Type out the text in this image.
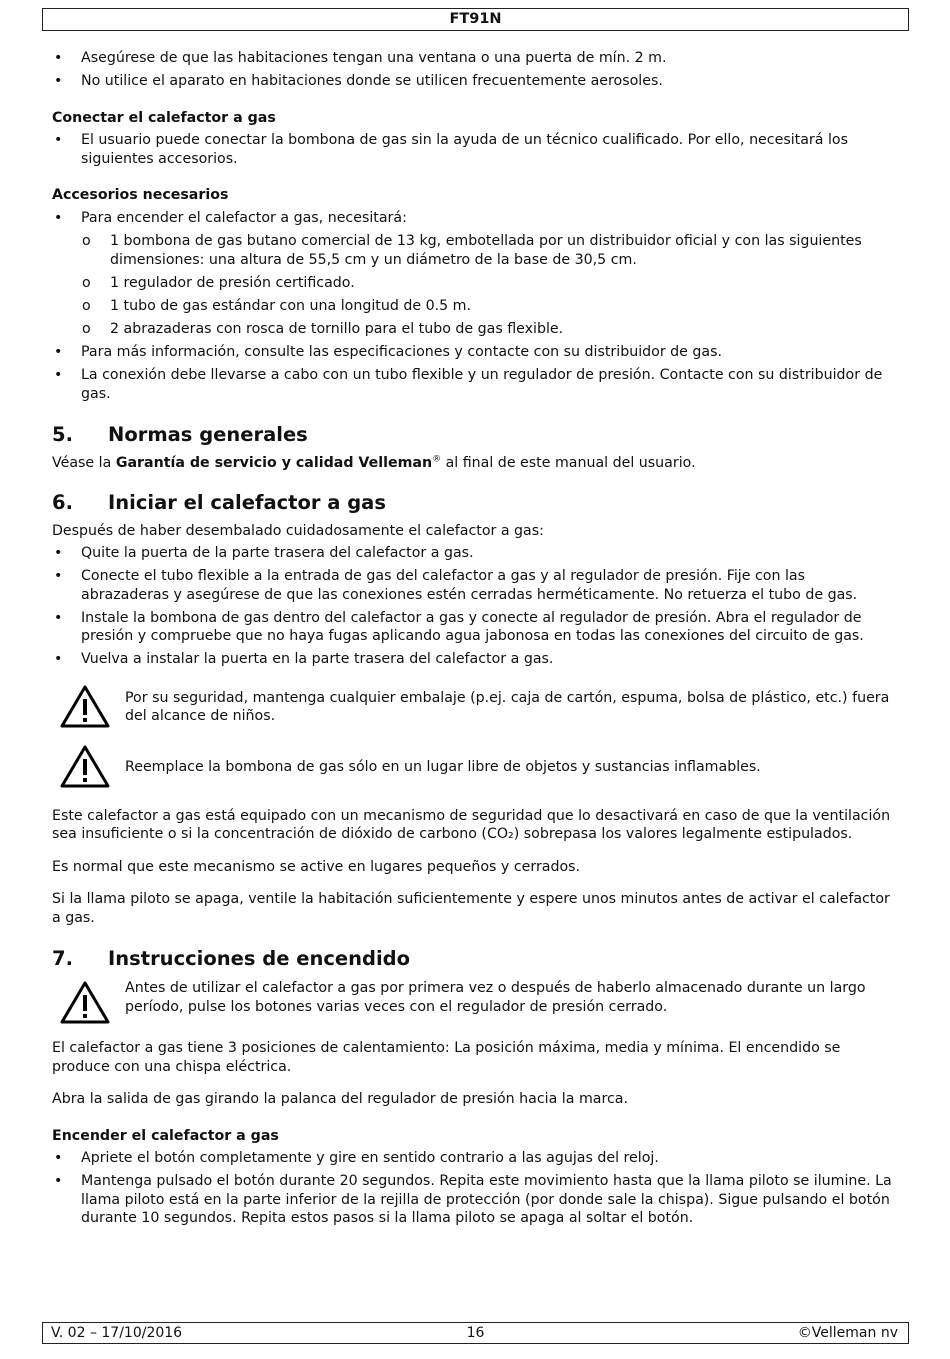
FT91N
• Asegúrese de que las habitaciones tengan una ventana o una puerta de mín. 2 m.
• No utilice el aparato en habitaciones donde se utilicen frecuentemente aerosoles.
Conectar el calefactor a gas
• El usuario puede conectar la bombona de gas sin la ayuda de un técnico cualificado. Por ello, necesitará los siguientes accesorios.
Accesorios necesarios
• Para encender el calefactor a gas, necesitará:
o 1 bombona de gas butano comercial de 13 kg, embotellada por un distribuidor oficial y con las siguientes dimensiones: una altura de 55,5 cm y un diámetro de la base de 30,5 cm.
o 1 regulador de presión certificado.
o 1 tubo de gas estándar con una longitud de 0.5 m.
o 2 abrazaderas con rosca de tornillo para el tubo de gas flexible.
• Para más información, consulte las especificaciones y contacte con su distribuidor de gas.
• La conexión debe llevarse a cabo con un tubo flexible y un regulador de presión. Contacte con su distribuidor de gas.
5. Normas generales

Véase la Garantía de servicio y calidad Velleman® al final de este manual del usuario.

6. Iniciar el calefactor a gas

Después de haber desembalado cuidadosamente el calefactor a gas:

• Quite la puerta de la parte trasera del calefactor a gas.
• Conecte el tubo flexible a la entrada de gas del calefactor a gas y al regulador de presión. Fije con las abrazaderas y asegúrese de que las conexiones estén cerradas herméticamente. No retuerza el tubo de gas.
• Instale la bombona de gas dentro del calefactor a gas y conecte al regulador de presión. Abra el regulador de presión y compruebe que no haya fugas aplicando agua jabonosa en todas las conexiones del circuito de gas.
• Vuelva a instalar la puerta en la parte trasera del calefactor a gas.
Por su seguridad, mantenga cualquier embalaje (p.ej. caja de cartón, espuma, bolsa de plástico, etc.) fuera del alcance de niños.
Reemplace la bombona de gas sólo en un lugar libre de objetos y sustancias inflamables.

Este calefactor a gas está equipado con un mecanismo de seguridad que lo desactivará en caso de que la ventilación sea insuficiente o si la concentración de dióxido de carbono (CO₂) sobrepasa los valores legalmente estipulados.

Es normal que este mecanismo se active en lugares pequeños y cerrados.

Si la llama piloto se apaga, ventile la habitación suficientemente y espere unos minutos antes de activar el calefactor a gas.

7. Instrucciones de encendido
Antes de utilizar el calefactor a gas por primera vez o después de haberlo almacenado durante un largo período, pulse los botones varias veces con el regulador de presión cerrado.

El calefactor a gas tiene 3 posiciones de calentamiento: La posición máxima, media y mínima. El encendido se produce con una chispa eléctrica.

Abra la salida de gas girando la palanca del regulador de presión hacia la marca.

Encender el calefactor a gas
• Apriete el botón completamente y gire en sentido contrario a las agujas del reloj.
• Mantenga pulsado el botón durante 20 segundos. Repita este movimiento hasta que la llama piloto se ilumine. La llama piloto está en la parte inferior de la rejilla de protección (por donde sale la chispa). Sigue pulsando el botón durante 10 segundos. Repita estos pasos si la llama piloto se apaga al soltar el botón.
V. 02 – 17/10/2016	16	©Velleman nv
